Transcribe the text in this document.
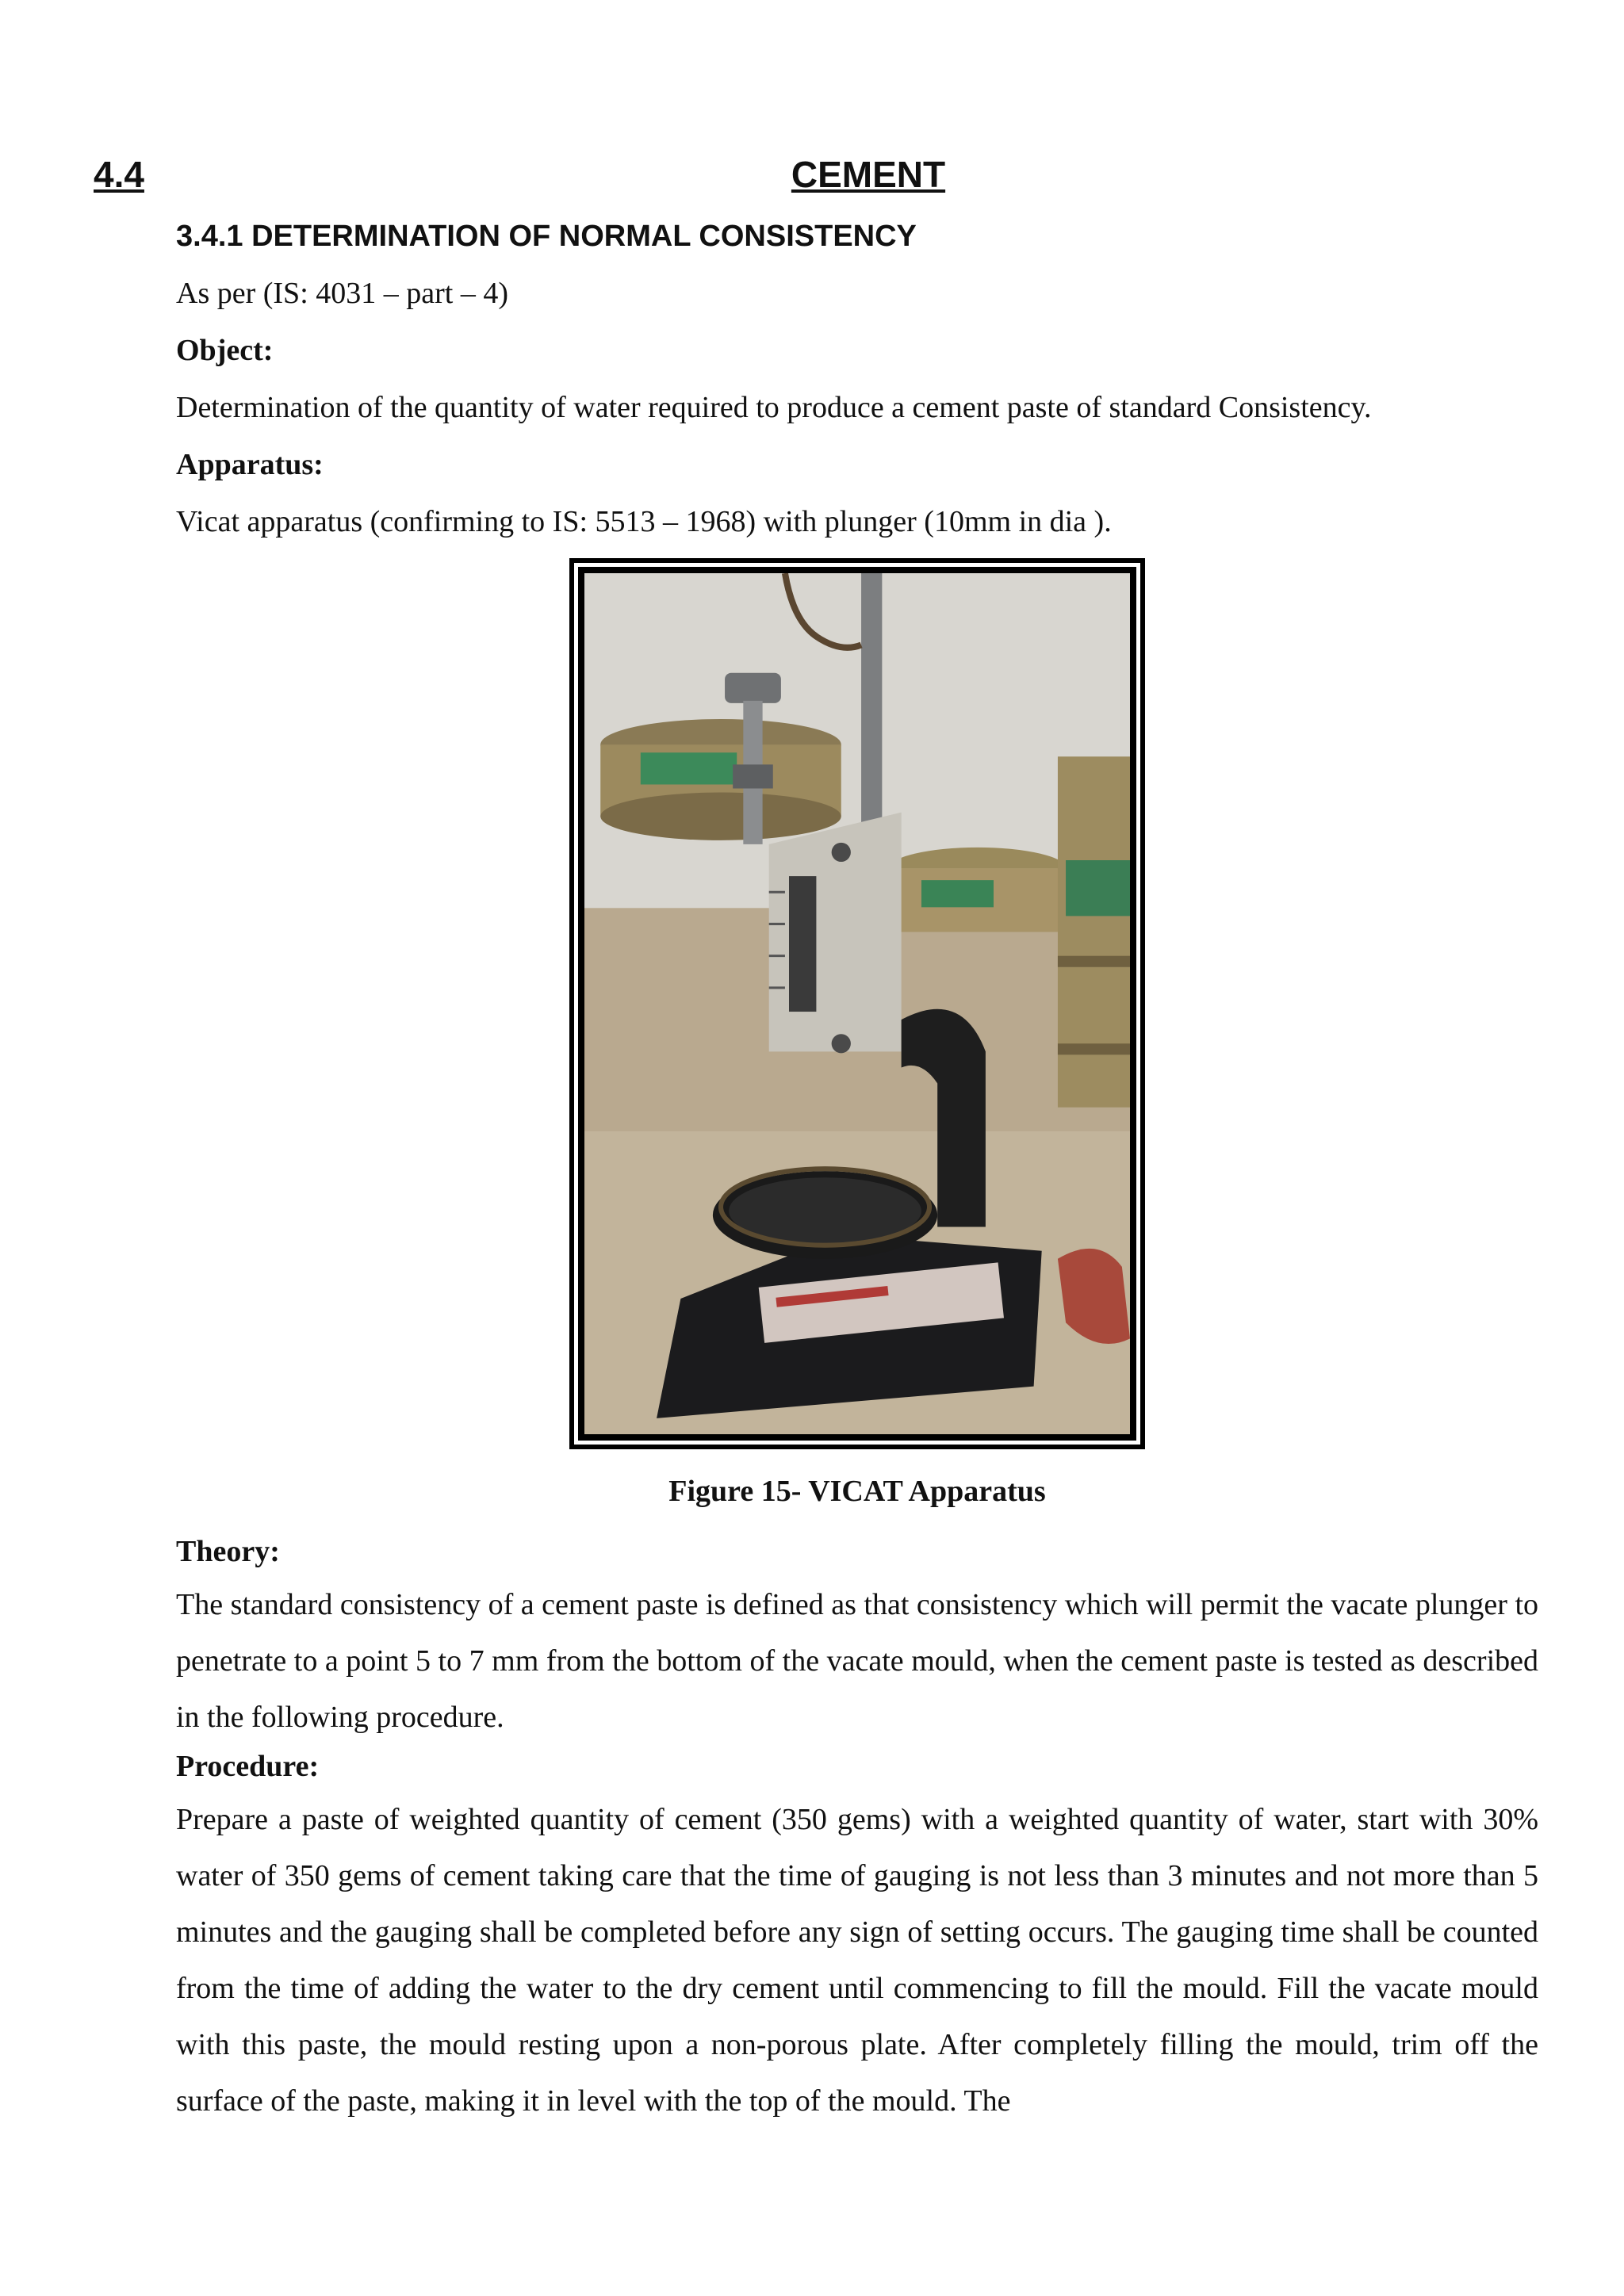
4.4	CEMENT
3.4.1 DETERMINATION OF NORMAL CONSISTENCY
As per (IS: 4031 – part – 4)
Object:
Determination of the quantity of water required to produce a cement paste of standard Consistency.
Apparatus:
Vicat apparatus (confirming to IS: 5513 – 1968) with plunger (10mm in dia ).
Figure 15- VICAT Apparatus
Theory:

The standard consistency of a cement paste is defined as that consistency which will permit the vacate plunger to penetrate to a point 5 to 7 mm from the bottom of the vacate mould, when the cement paste is tested as described in the following procedure.

Procedure:

Prepare a paste of weighted quantity of cement (350 gems) with a weighted quantity of water, start with 30% water of 350 gems of cement taking care that the time of gauging is not less than 3 minutes and not more than 5 minutes and the gauging shall be completed before any sign of setting occurs. The gauging time shall be counted from the time of adding the water to the dry cement until commencing to fill the mould. Fill the vacate mould with this paste, the mould resting upon a non-porous plate. After completely filling the mould, trim off the surface of the paste, making it in level with the top of the mould. The
